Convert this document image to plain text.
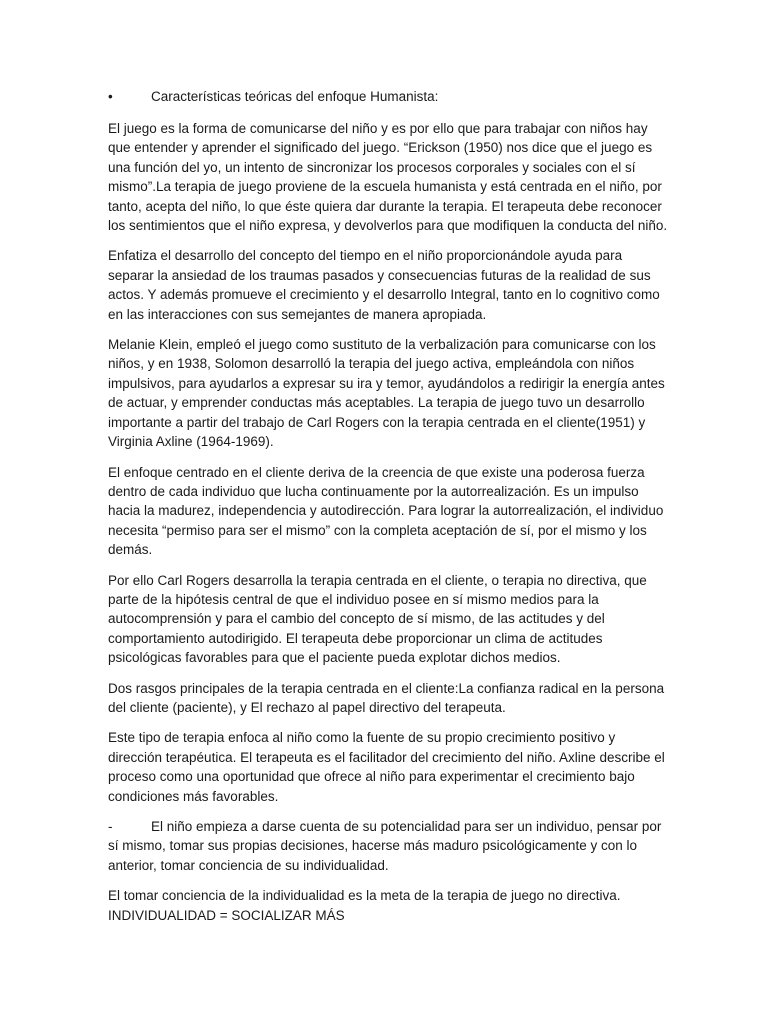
•	Características teóricas del enfoque Humanista:

El juego es la forma de comunicarse del niño y es por ello que para trabajar con niños hay que entender y aprender el significado del juego. “Erickson (1950) nos dice que el juego es una función del yo, un intento de sincronizar los procesos corporales y sociales con el sí mismo”.La terapia de juego proviene de la escuela humanista y está centrada en el niño, por tanto, acepta del niño, lo que éste quiera dar durante la terapia. El terapeuta debe reconocer los sentimientos que el niño expresa, y devolverlos para que modifiquen la conducta del niño.

Enfatiza el desarrollo del concepto del tiempo en el niño proporcionándole ayuda para separar la ansiedad de los traumas pasados y consecuencias futuras de la realidad de sus actos. Y además promueve el crecimiento y el desarrollo Integral, tanto en lo cognitivo como en las interacciones con sus semejantes de manera apropiada.

Melanie Klein, empleó el juego como sustituto de la verbalización para comunicarse con los niños, y en 1938, Solomon desarrolló la terapia del juego activa, empleándola con niños impulsivos, para ayudarlos a expresar su ira y temor, ayudándolos a redirigir la energía antes de actuar, y emprender conductas más aceptables. La terapia de juego tuvo un desarrollo importante a partir del trabajo de Carl Rogers con la terapia centrada en el cliente(1951) y Virginia Axline (1964-1969).

El enfoque centrado en el cliente deriva de la creencia de que existe una poderosa fuerza dentro de cada individuo que lucha continuamente por la autorrealización. Es un impulso hacia la madurez, independencia y autodirección. Para lograr la autorrealización, el individuo necesita “permiso para ser el mismo” con la completa aceptación de sí, por el mismo y los demás.

Por ello Carl Rogers desarrolla la terapia centrada en el cliente, o terapia no directiva, que parte de la hipótesis central de que el individuo posee en sí mismo medios para la autocomprensión y para el cambio del concepto de sí mismo, de las actitudes y del comportamiento autodirigido. El terapeuta debe proporcionar un clima de actitudes psicológicas favorables para que el paciente pueda explotar dichos medios.

Dos rasgos principales de la terapia centrada en el cliente:La confianza radical en la persona del cliente (paciente), y El rechazo al papel directivo del terapeuta.

Este tipo de terapia enfoca al niño como la fuente de su propio crecimiento positivo y dirección terapéutica. El terapeuta es el facilitador del crecimiento del niño. Axline describe el proceso como una oportunidad que ofrece al niño para experimentar el crecimiento bajo condiciones más favorables.

-	El niño empieza a darse cuenta de su potencialidad para ser un individuo, pensar por sí mismo, tomar sus propias decisiones, hacerse más maduro psicológicamente y con lo anterior, tomar conciencia de su individualidad.

El tomar conciencia de la individualidad es la meta de la terapia de juego no directiva.
INDIVIDUALIDAD = SOCIALIZAR MÁS
